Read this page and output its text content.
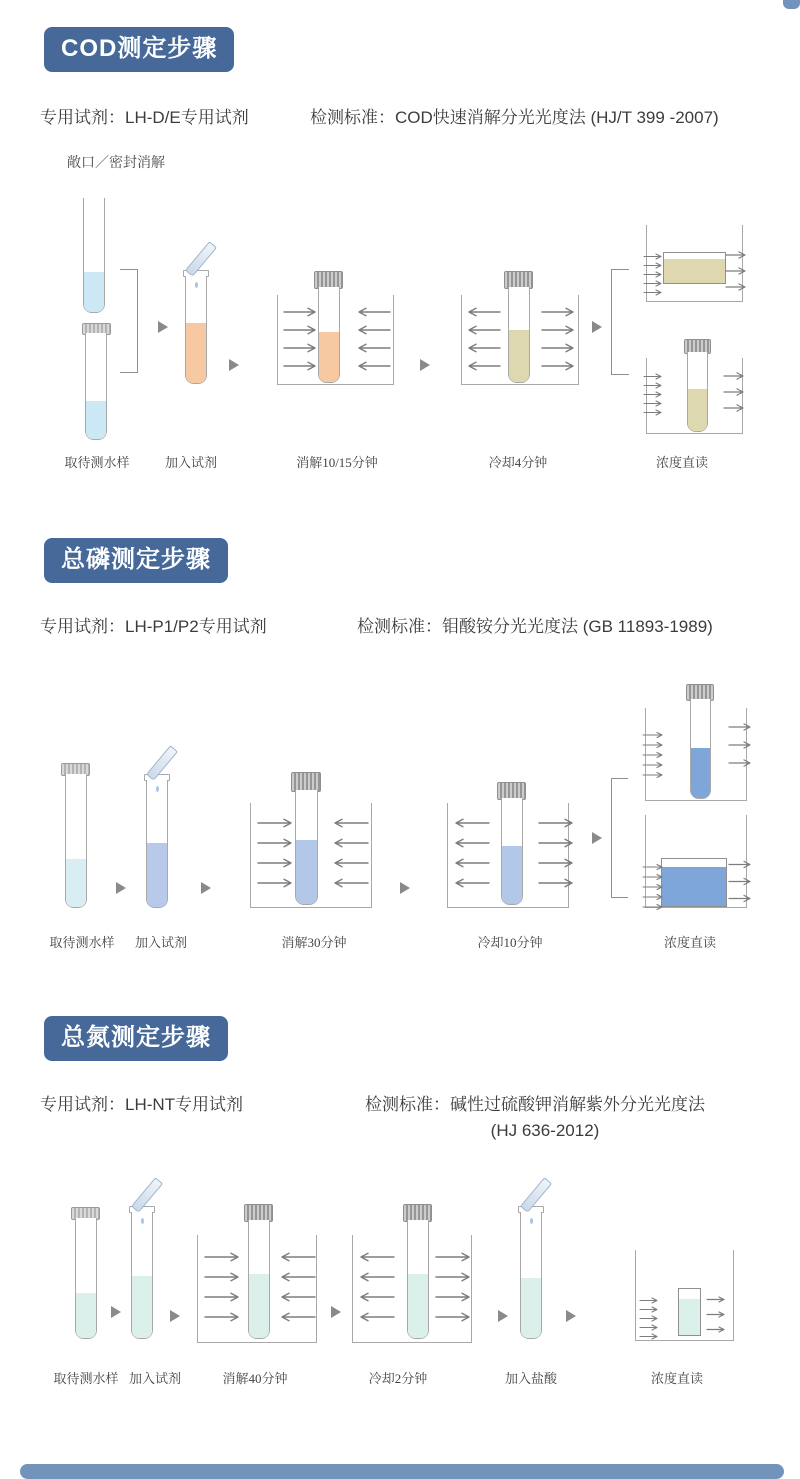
COD测定步骤
专用试剂：LH-D/E专用试剂	检测标准：COD快速消解分光光度法 (HJ/T 399 -2007)
敞口／密封消解
取待测水样	加入试剂	消解10/15分钟	冷却4分钟	浓度直读
总磷测定步骤
专用试剂：LH-P1/P2专用试剂	检测标准：钼酸铵分光光度法 (GB 11893-1989)
取待测水样 加入试剂	消解30分钟	冷却10分钟	浓度直读
总氮测定步骤
专用试剂：LH-NT专用试剂	检测标准：碱性过硫酸钾消解紫外分光光度法
(HJ 636-2012)
取待测水样 加入试剂	消解40分钟	冷却2分钟	加入盐酸	浓度直读
